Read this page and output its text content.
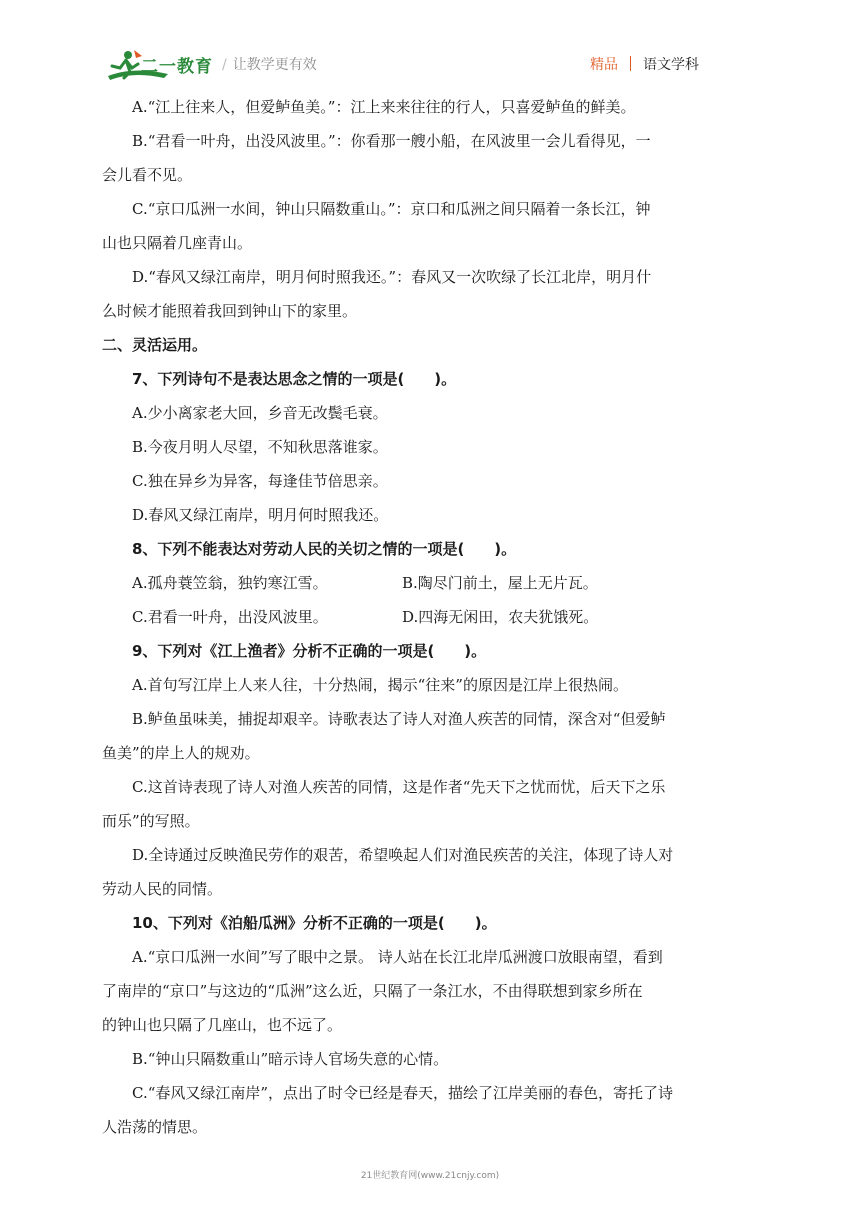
二一教育 / 让教学更有效	精品 语文学科
A.“江上往来人，但爱鲈鱼美。”：江上来来往往的行人，只喜爱鲈鱼的鲜美。
B.“君看一叶舟，出没风波里。”：你看那一艘小船，在风波里一会儿看得见，一
会儿看不见。
C.“京口瓜洲一水间，钟山只隔数重山。”：京口和瓜洲之间只隔着一条长江，钟
山也只隔着几座青山。
D.“春风又绿江南岸，明月何时照我还。”：春风又一次吹绿了长江北岸，明月什
么时候才能照着我回到钟山下的家里。
二、灵活运用。
7、下列诗句不是表达思念之情的一项是(　　)。
A.少小离家老大回，乡音无改鬓毛衰。
B.今夜月明人尽望，不知秋思落谁家。
C.独在异乡为异客，每逢佳节倍思亲。
D.春风又绿江南岸，明月何时照我还。
8、下列不能表达对劳动人民的关切之情的一项是(　　)。
A.孤舟蓑笠翁，独钓寒江雪。	B.陶尽门前土，屋上无片瓦。
C.君看一叶舟，出没风波里。	D.四海无闲田，农夫犹饿死。
9、下列对《江上渔者》分析不正确的一项是(　　)。
A.首句写江岸上人来人往，十分热闹，揭示“往来”的原因是江岸上很热闹。
B.鲈鱼虽味美，捕捉却艰辛。诗歌表达了诗人对渔人疾苦的同情，深含对“但爱鲈
鱼美”的岸上人的规劝。
C.这首诗表现了诗人对渔人疾苦的同情，这是作者“先天下之忧而忧，后天下之乐
而乐”的写照。
D.全诗通过反映渔民劳作的艰苦，希望唤起人们对渔民疾苦的关注，体现了诗人对
劳动人民的同情。
10、下列对《泊船瓜洲》分析不正确的一项是(　　)。
A.“京口瓜洲一水间”写了眼中之景。 诗人站在长江北岸瓜洲渡口放眼南望，看到
了南岸的“京口”与这边的“瓜洲”这么近，只隔了一条江水，不由得联想到家乡所在
的钟山也只隔了几座山，也不远了。
B.“钟山只隔数重山”暗示诗人官场失意的心情。
C.“春风又绿江南岸”，点出了时令已经是春天，描绘了江岸美丽的春色，寄托了诗
人浩荡的情思。
21世纪教育网(www.21cnjy.com)
